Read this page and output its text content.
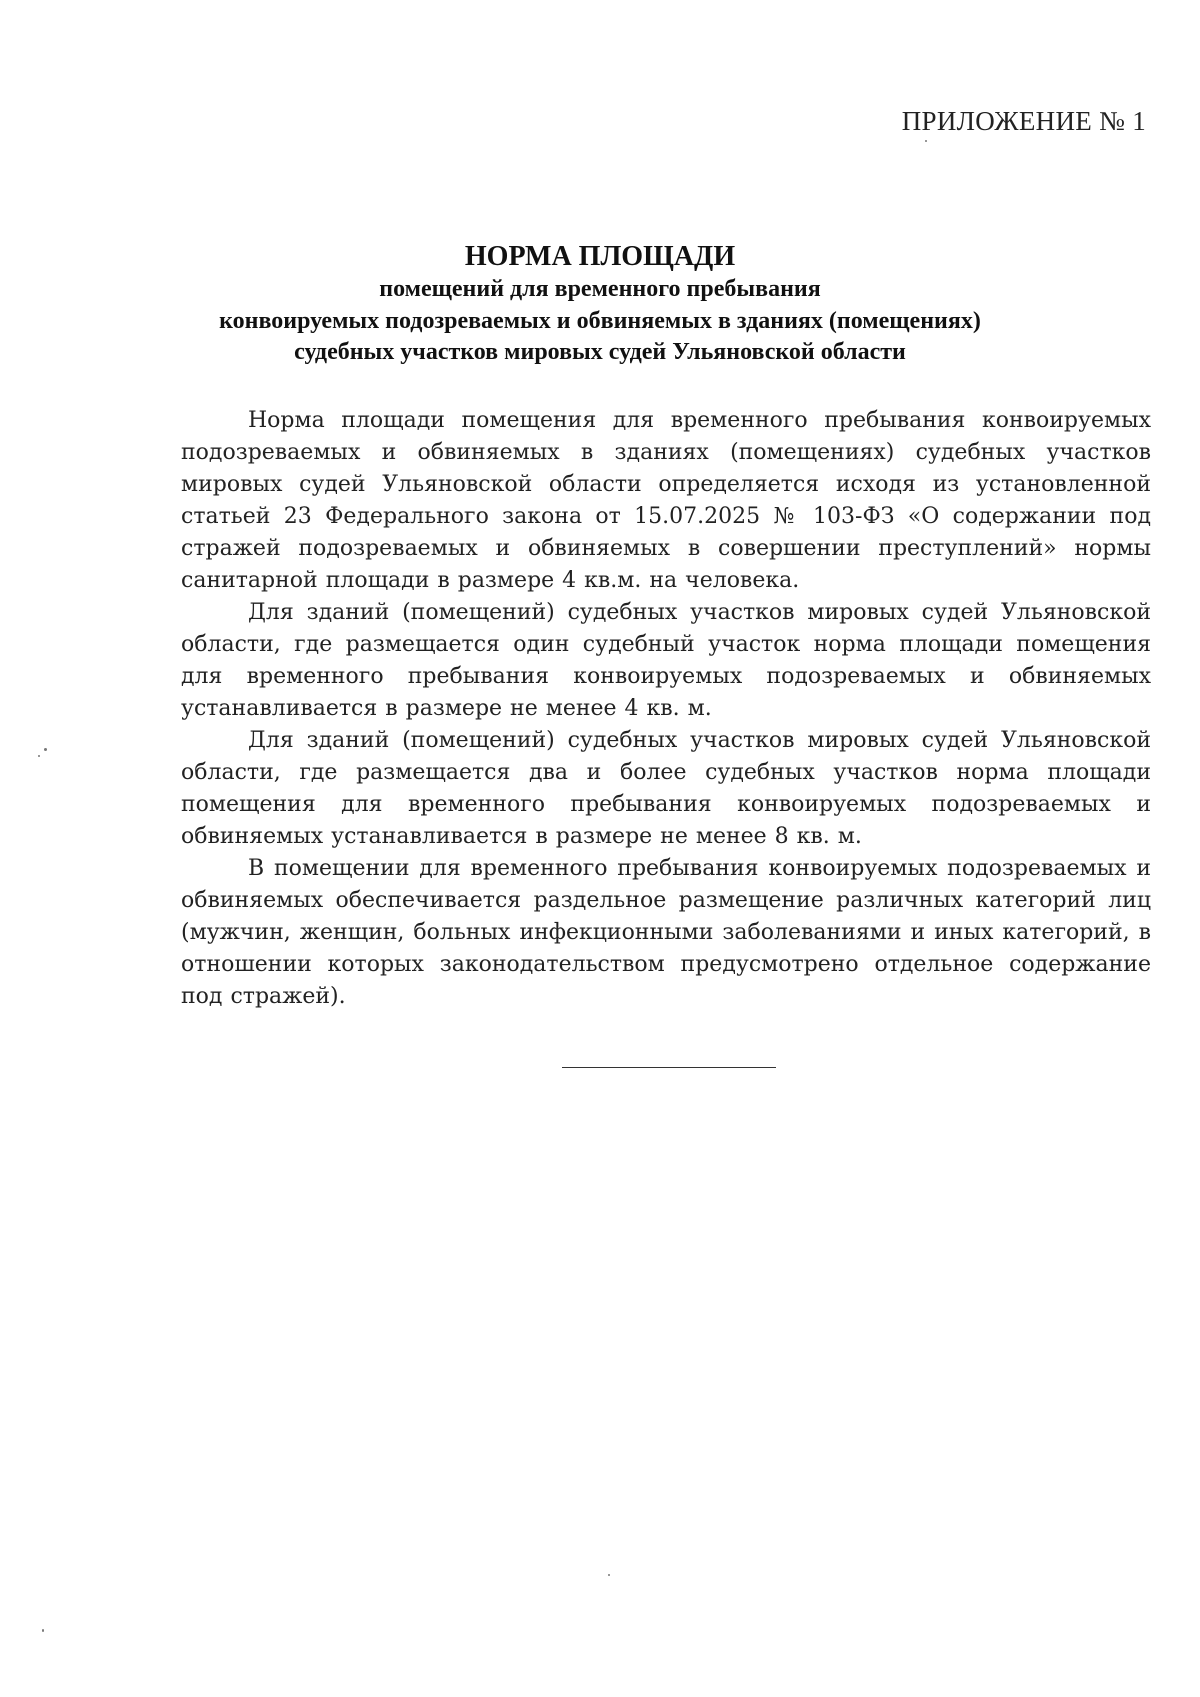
ПРИЛОЖЕНИЕ № 1
НОРМА ПЛОЩАДИ
помещений для временного пребывания
конвоируемых подозреваемых и обвиняемых в зданиях (помещениях)
судебных участков мировых судей Ульяновской области

Норма площади помещения для временного пребывания конвоируемых подозреваемых и обвиняемых в зданиях (помещениях) судебных участков мировых судей Ульяновской области определяется исходя из установленной статьей 23 Федерального закона от 15.07.2025 № 103-ФЗ «О содержании под стражей подозреваемых и обвиняемых в совершении преступлений» нормы санитарной площади в размере 4 кв.м. на человека.

Для зданий (помещений) судебных участков мировых судей Ульяновской области, где размещается один судебный участок норма площади помещения для временного пребывания конвоируемых подозреваемых и обвиняемых устанавливается в размере не менее 4 кв. м.

Для зданий (помещений) судебных участков мировых судей Ульяновской области, где размещается два и более судебных участков норма площади помещения для временного пребывания конвоируемых подозреваемых и обвиняемых устанавливается в размере не менее 8 кв. м.

В помещении для временного пребывания конвоируемых подозреваемых и обвиняемых обеспечивается раздельное размещение различных категорий лиц (мужчин, женщин, больных инфекционными заболеваниями и иных категорий, в отношении которых законодательством предусмотрено отдельное содержание под стражей).
